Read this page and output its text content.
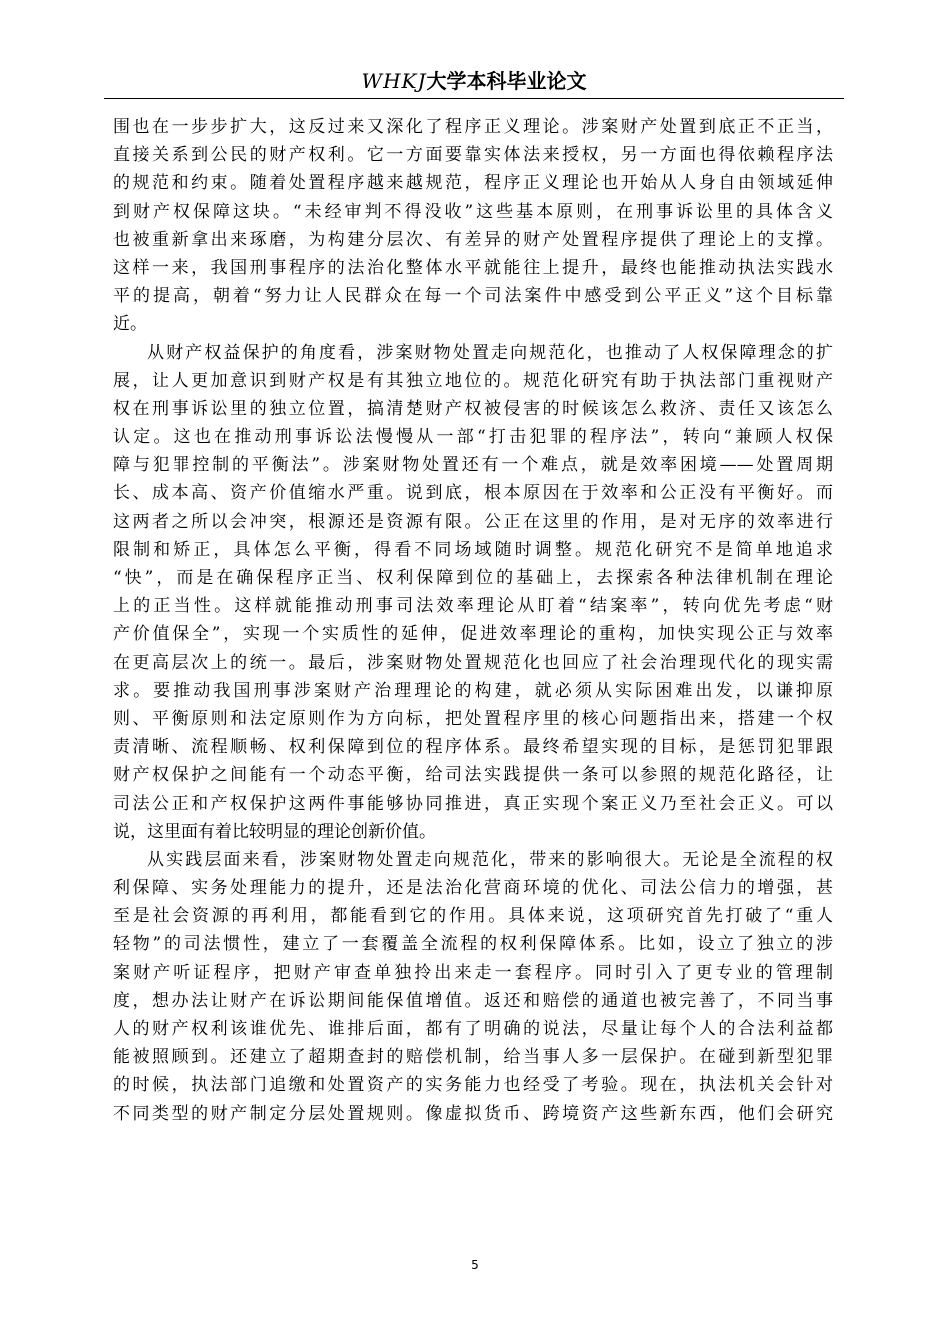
WHKJ大学本科毕业论文

围也在一步步扩大，这反过来又深化了程序正义理论。涉案财产处置到底正不正当，
直接关系到公民的财产权利。它一方面要靠实体法来授权，另一方面也得依赖程序法
的规范和约束。随着处置程序越来越规范，程序正义理论也开始从人身自由领域延伸
到财产权保障这块。“未经审判不得没收”这些基本原则，在刑事诉讼里的具体含义
也被重新拿出来琢磨，为构建分层次、有差异的财产处置程序提供了理论上的支撑。
这样一来，我国刑事程序的法治化整体水平就能往上提升，最终也能推动执法实践水
平的提高，朝着“努力让人民群众在每一个司法案件中感受到公平正义”这个目标靠
近。

从财产权益保护的角度看，涉案财物处置走向规范化，也推动了人权保障理念的扩
展，让人更加意识到财产权是有其独立地位的。规范化研究有助于执法部门重视财产
权在刑事诉讼里的独立位置，搞清楚财产权被侵害的时候该怎么救济、责任又该怎么
认定。这也在推动刑事诉讼法慢慢从一部“打击犯罪的程序法”，转向“兼顾人权保
障与犯罪控制的平衡法”。涉案财物处置还有一个难点，就是效率困境——处置周期
长、成本高、资产价值缩水严重。说到底，根本原因在于效率和公正没有平衡好。而
这两者之所以会冲突，根源还是资源有限。公正在这里的作用，是对无序的效率进行
限制和矫正，具体怎么平衡，得看不同场域随时调整。规范化研究不是简单地追求
“快”，而是在确保程序正当、权利保障到位的基础上，去探索各种法律机制在理论
上的正当性。这样就能推动刑事司法效率理论从盯着“结案率”，转向优先考虑“财
产价值保全”，实现一个实质性的延伸，促进效率理论的重构，加快实现公正与效率
在更高层次上的统一。最后，涉案财物处置规范化也回应了社会治理现代化的现实需
求。要推动我国刑事涉案财产治理理论的构建，就必须从实际困难出发，以谦抑原
则、平衡原则和法定原则作为方向标，把处置程序里的核心问题指出来，搭建一个权
责清晰、流程顺畅、权利保障到位的程序体系。最终希望实现的目标，是惩罚犯罪跟
财产权保护之间能有一个动态平衡，给司法实践提供一条可以参照的规范化路径，让
司法公正和产权保护这两件事能够协同推进，真正实现个案正义乃至社会正义。可以
说，这里面有着比较明显的理论创新价值。

从实践层面来看，涉案财物处置走向规范化，带来的影响很大。无论是全流程的权
利保障、实务处理能力的提升，还是法治化营商环境的优化、司法公信力的增强，甚
至是社会资源的再利用，都能看到它的作用。具体来说，这项研究首先打破了“重人
轻物”的司法惯性，建立了一套覆盖全流程的权利保障体系。比如，设立了独立的涉
案财产听证程序，把财产审查单独拎出来走一套程序。同时引入了更专业的管理制
度，想办法让财产在诉讼期间能保值增值。返还和赔偿的通道也被完善了，不同当事
人的财产权利该谁优先、谁排后面，都有了明确的说法，尽量让每个人的合法利益都
能被照顾到。还建立了超期查封的赔偿机制，给当事人多一层保护。在碰到新型犯罪
的时候，执法部门追缴和处置资产的实务能力也经受了考验。现在，执法机关会针对
不同类型的财产制定分层处置规则。像虚拟货币、跨境资产这些新东西，他们会研究

5
